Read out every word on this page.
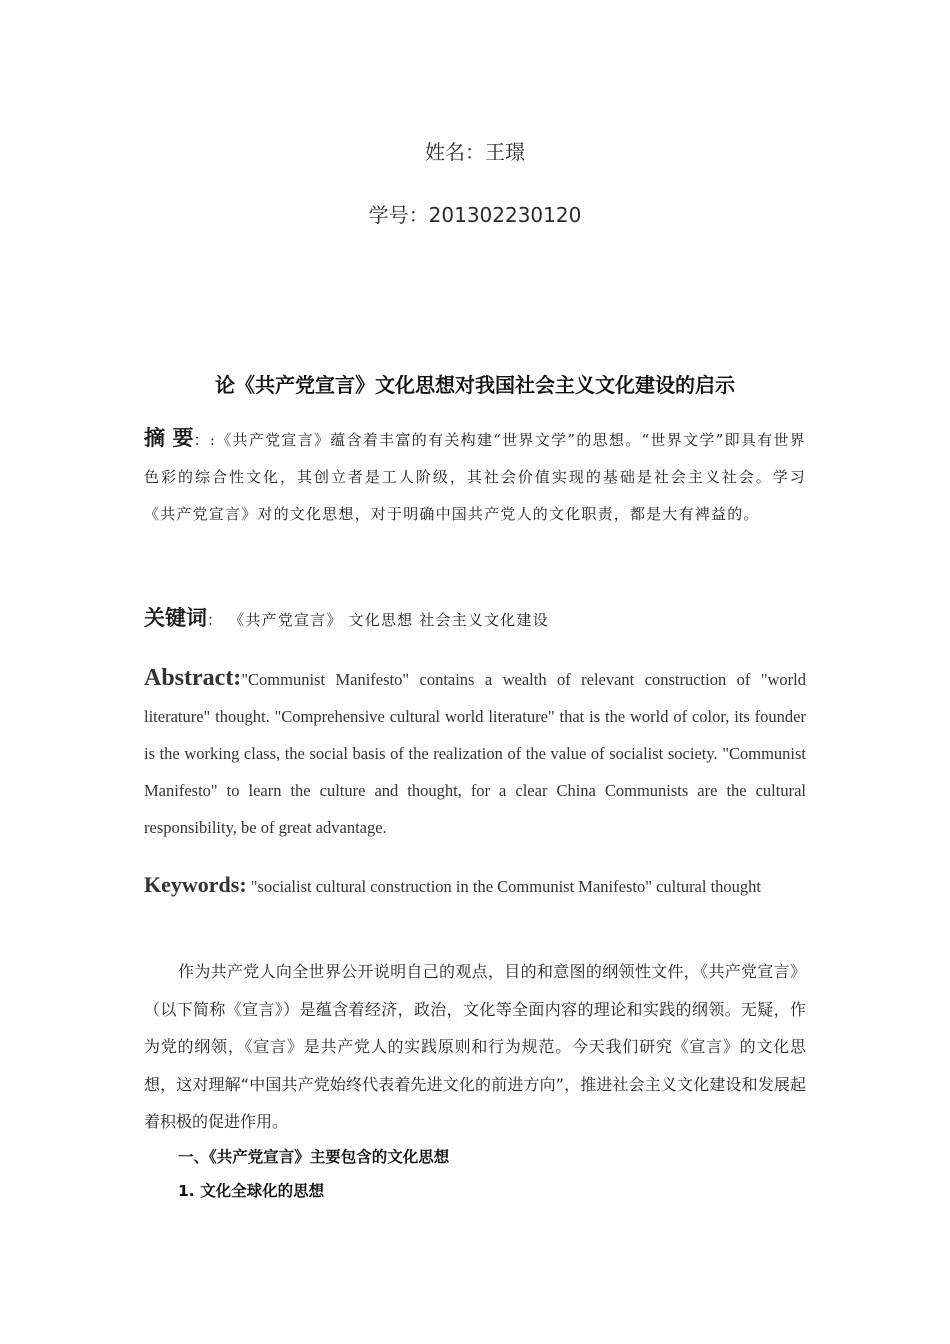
姓名：王璟
学号：201302230120
论《共产党宣言》文化思想对我国社会主义文化建设的启示
摘 要：:《共产党宣言》蕴含着丰富的有关构建“世界文学”的思想。“世界文学”即具有世界色彩的综合性文化，其创立者是工人阶级，其社会价值实现的基础是社会主义社会。学习《共产党宣言》对的文化思想，对于明确中国共产党人的文化职责，都是大有裨益的。
关键词： 《共产党宣言》 文化思想 社会主义文化建设
Abstract:"Communist Manifesto" contains a wealth of relevant construction of "world literature" thought. "Comprehensive cultural world literature" that is the world of color, its founder is the working class, the social basis of the realization of the value of socialist society. "Communist Manifesto" to learn the culture and thought, for a clear China Communists are the cultural responsibility, be of great advantage.
Keywords: "socialist cultural construction in the Communist Manifesto" cultural thought
作为共产党人向全世界公开说明自己的观点，目的和意图的纲领性文件，《共产党宣言》（以下简称《宣言》）是蕴含着经济，政治，文化等全面内容的理论和实践的纲领。无疑，作为党的纲领，《宣言》是共产党人的实践原则和行为规范。今天我们研究《宣言》的文化思想，这对理解“中国共产党始终代表着先进文化的前进方向”，推进社会主义文化建设和发展起着积极的促进作用。
一、《共产党宣言》主要包含的文化思想
1. 文化全球化的思想
